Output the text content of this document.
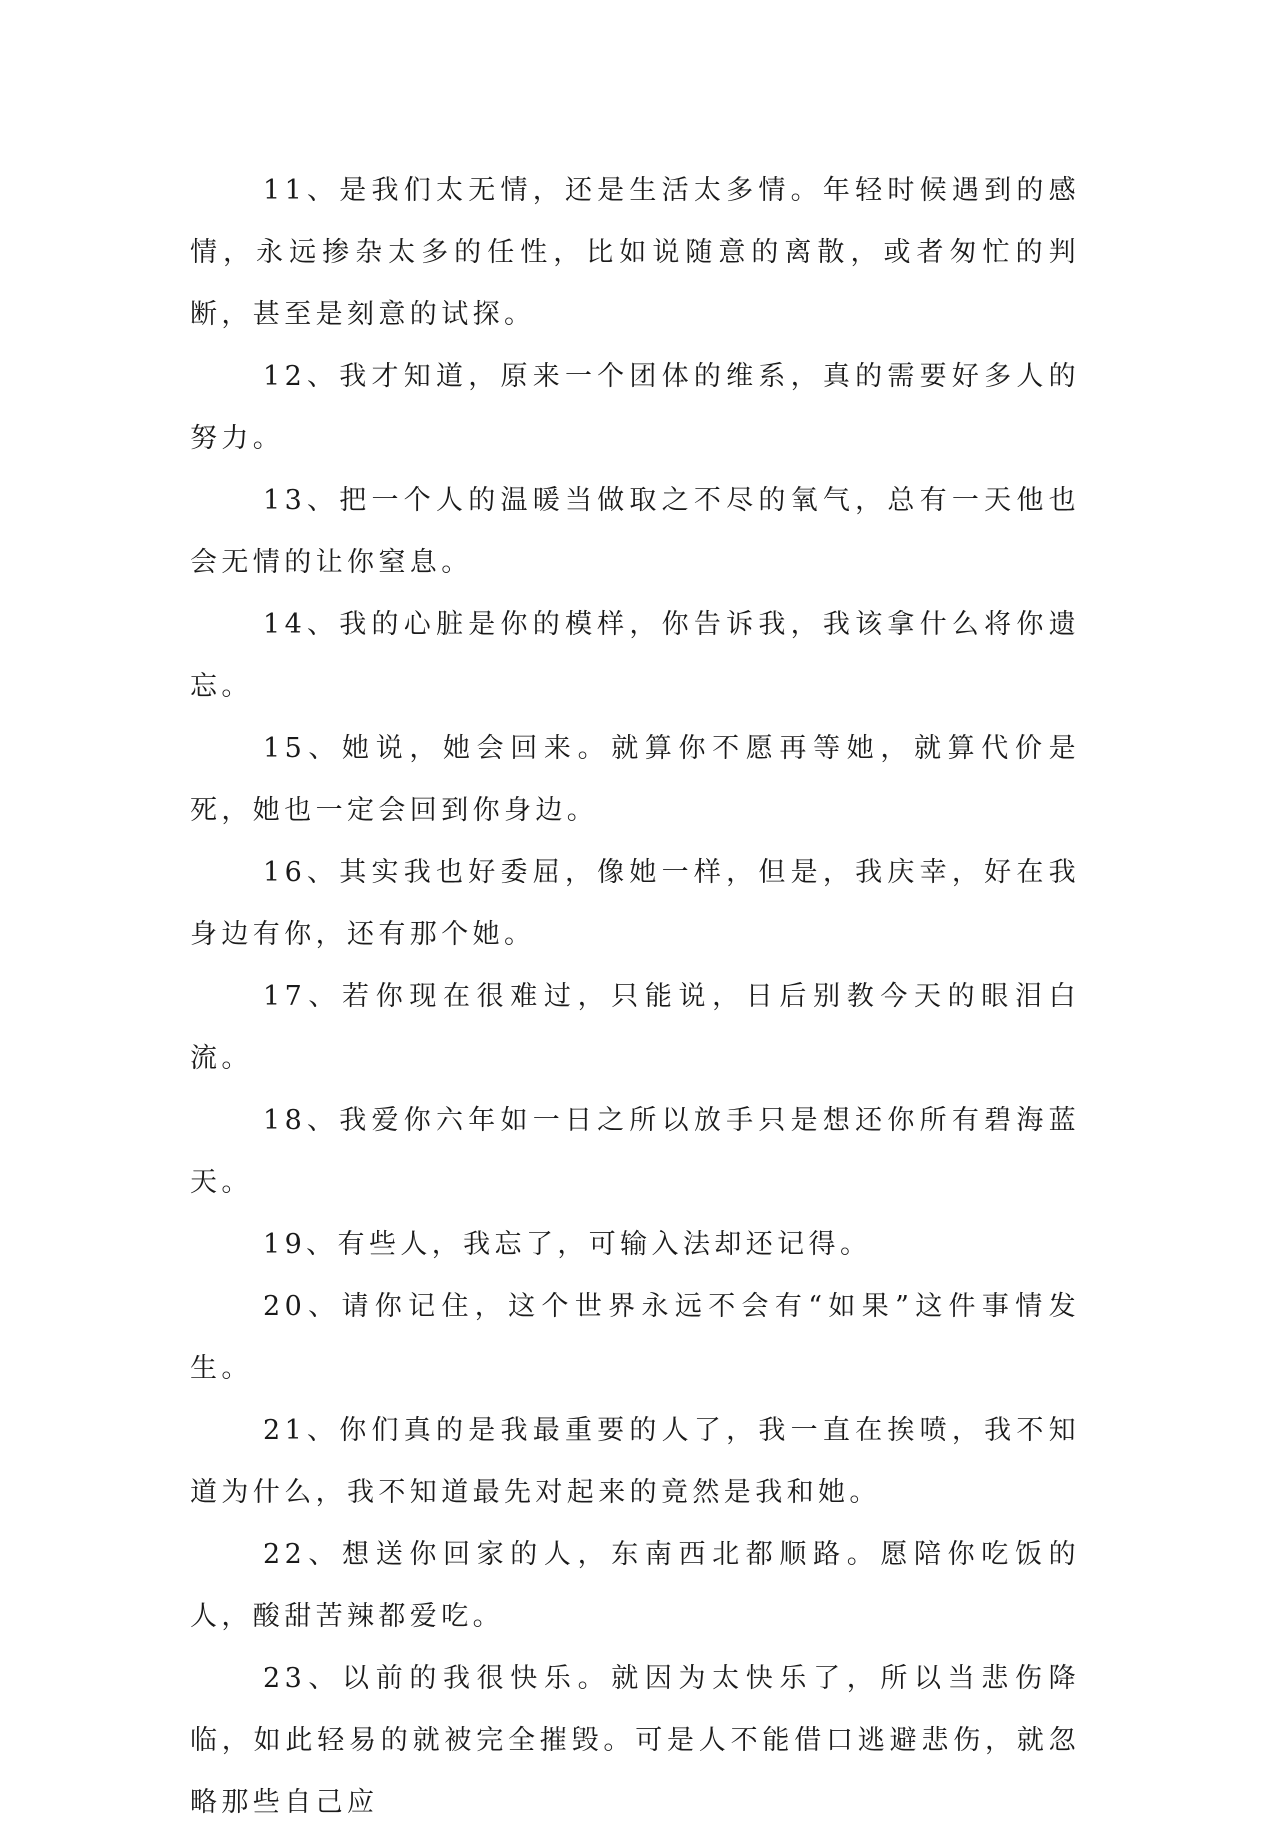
11、是我们太无情，还是生活太多情。年轻时候遇到的感情，永远掺杂太多的任性，比如说随意的离散，或者匆忙的判断，甚至是刻意的试探。

12、我才知道，原来一个团体的维系，真的需要好多人的努力。

13、把一个人的温暖当做取之不尽的氧气，总有一天他也会无情的让你窒息。

14、我的心脏是你的模样，你告诉我，我该拿什么将你遗忘。

15、她说，她会回来。就算你不愿再等她，就算代价是死，她也一定会回到你身边。

16、其实我也好委屈，像她一样，但是，我庆幸，好在我身边有你，还有那个她。

17、若你现在很难过，只能说，日后别教今天的眼泪白流。

18、我爱你六年如一日之所以放手只是想还你所有碧海蓝天。

19、有些人，我忘了，可输入法却还记得。

20、请你记住，这个世界永远不会有“如果”这件事情发生。

21、你们真的是我最重要的人了，我一直在挨喷，我不知道为什么，我不知道最先对起来的竟然是我和她。

22、想送你回家的人，东南西北都顺路。愿陪你吃饭的人，酸甜苦辣都爱吃。

23、以前的我很快乐。就因为太快乐了，所以当悲伤降临，如此轻易的就被完全摧毁。可是人不能借口逃避悲伤，就忽略那些自己应
